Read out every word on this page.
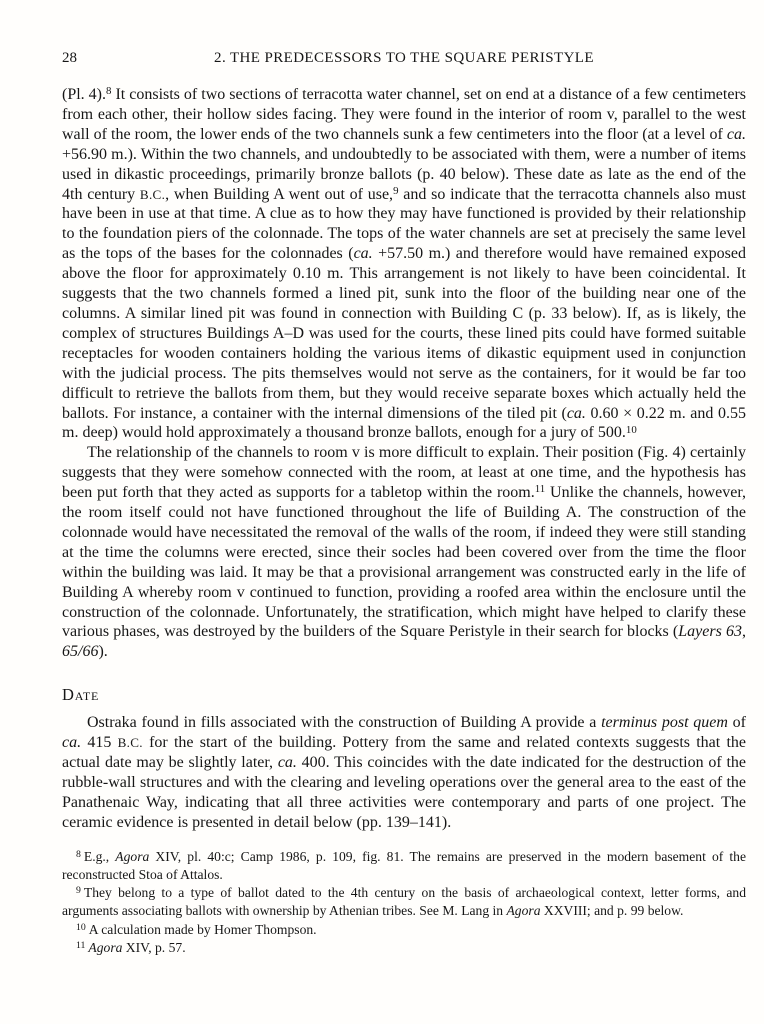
28	2. THE PREDECESSORS TO THE SQUARE PERISTYLE

(Pl. 4).$^8$ It consists of two sections of terracotta water channel, set on end at a distance of a few centimeters from each other, their hollow sides facing. They were found in the interior of room v, parallel to the west wall of the room, the lower ends of the two channels sunk a few centimeters into the floor (at a level of ca. +56.90 m.). Within the two channels, and undoubtedly to be associated with them, were a number of items used in dikastic proceedings, primarily bronze ballots (p. 40 below). These date as late as the end of the 4th century B.C., when Building A went out of use,$^9$ and so indicate that the terracotta channels also must have been in use at that time. A clue as to how they may have functioned is provided by their relationship to the foundation piers of the colonnade. The tops of the water channels are set at precisely the same level as the tops of the bases for the colonnades (ca. +57.50 m.) and therefore would have remained exposed above the floor for approximately 0.10 m. This arrangement is not likely to have been coincidental. It suggests that the two channels formed a lined pit, sunk into the floor of the building near one of the columns. A similar lined pit was found in connection with Building C (p. 33 below). If, as is likely, the complex of structures Buildings A–D was used for the courts, these lined pits could have formed suitable receptacles for wooden containers holding the various items of dikastic equipment used in conjunction with the judicial process. The pits themselves would not serve as the containers, for it would be far too difficult to retrieve the ballots from them, but they would receive separate boxes which actually held the ballots. For instance, a container with the internal dimensions of the tiled pit (ca. 0.60 × 0.22 m. and 0.55 m. deep) would hold approximately a thousand bronze ballots, enough for a jury of 500.10

The relationship of the channels to room v is more difficult to explain. Their position (Fig. 4) certainly suggests that they were somehow connected with the room, at least at one time, and the hypothesis has been put forth that they acted as supports for a tabletop within the room.$^{11}$ Unlike the channels, however, the room itself could not have functioned throughout the life of Building A. The construction of the colonnade would have necessitated the removal of the walls of the room, if indeed they were still standing at the time the columns were erected, since their socles had been covered over from the time the floor within the building was laid. It may be that a provisional arrangement was constructed early in the life of Building A whereby room v continued to function, providing a roofed area within the enclosure until the construction of the colonnade. Unfortunately, the stratification, which might have helped to clarify these various phases, was destroyed by the builders of the Square Peristyle in their search for blocks (Layers 63, 65/66).

Date

Ostraka found in fills associated with the construction of Building A provide a terminus post quem of ca. 415 B.C. for the start of the building. Pottery from the same and related contexts suggests that the actual date may be slightly later, ca. 400. This coincides with the date indicated for the destruction of the rubble-wall structures and with the clearing and leveling operations over the general area to the east of the Panathenaic Way, indicating that all three activities were contemporary and parts of one project. The ceramic evidence is presented in detail below (pp. 139–141).

$^8$ E.g., Agora XIV, pl. 40:c; Camp 1986, p. 109, fig. 81. The remains are preserved in the modern basement of the reconstructed Stoa of Attalos.

$^9$ They belong to a type of ballot dated to the 4th century on the basis of archaeological context, letter forms, and arguments associating ballots with ownership by Athenian tribes. See M. Lang in Agora XXVIII; and p. 99 below.

$^{10}$ A calculation made by Homer Thompson.

$^{11}$ Agora XIV, p. 57.
